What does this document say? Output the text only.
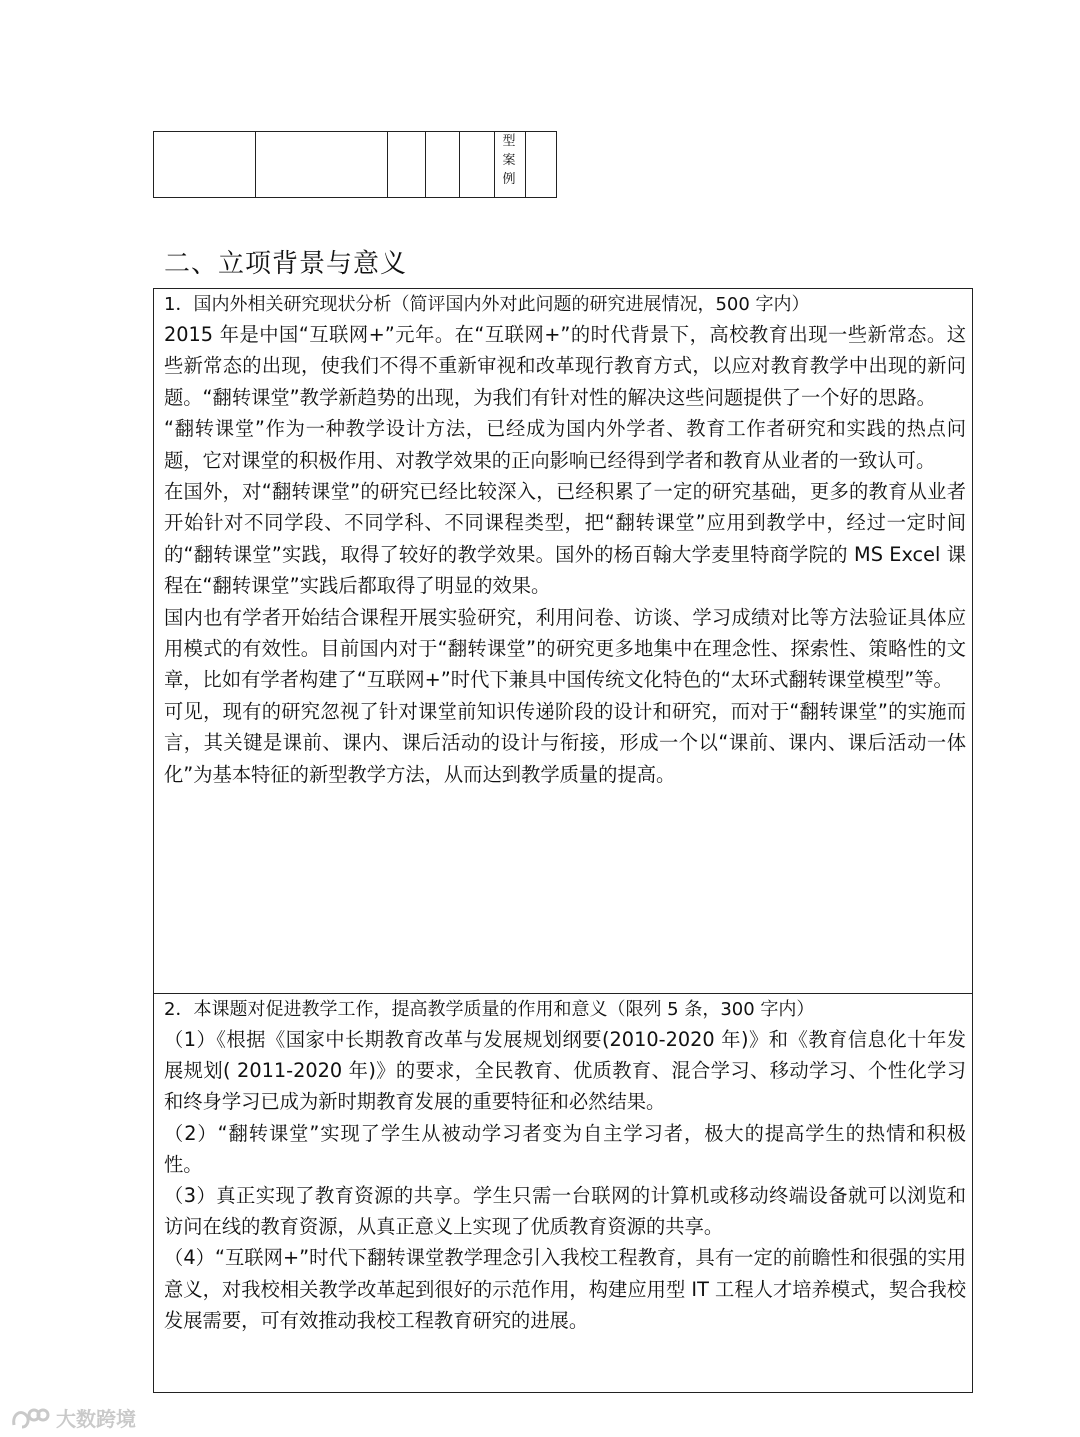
型
案
例
二、立项背景与意义
1．国内外相关研究现状分析（简评国内外对此问题的研究进展情况，500 字内）

2015 年是中国“互联网+”元年。在“互联网+”的时代背景下，高校教育出现一些新常态。这些新常态的出现，使我们不得不重新审视和改革现行教育方式，以应对教育教学中出现的新问题。“翻转课堂”教学新趋势的出现，为我们有针对性的解决这些问题提供了一个好的思路。

“翻转课堂”作为一种教学设计方法，已经成为国内外学者、教育工作者研究和实践的热点问题，它对课堂的积极作用、对教学效果的正向影响已经得到学者和教育从业者的一致认可。

在国外，对“翻转课堂”的研究已经比较深入，已经积累了一定的研究基础，更多的教育从业者开始针对不同学段、不同学科、不同课程类型，把“翻转课堂”应用到教学中，经过一定时间的“翻转课堂”实践，取得了较好的教学效果。国外的杨百翰大学麦里特商学院的 MS Excel 课程在“翻转课堂”实践后都取得了明显的效果。

国内也有学者开始结合课程开展实验研究，利用问卷、访谈、学习成绩对比等方法验证具体应用模式的有效性。目前国内对于“翻转课堂”的研究更多地集中在理念性、探索性、策略性的文章，比如有学者构建了“互联网+”时代下兼具中国传统文化特色的“太环式翻转课堂模型”等。

可见，现有的研究忽视了针对课堂前知识传递阶段的设计和研究，而对于“翻转课堂”的实施而言，其关键是课前、课内、课后活动的设计与衔接，形成一个以“课前、课内、课后活动一体化”为基本特征的新型教学方法，从而达到教学质量的提高。

2．本课题对促进教学工作，提高教学质量的作用和意义（限列 5 条，300 字内）

（1）《根据《国家中长期教育改革与发展规划纲要(2010-2020 年)》和《教育信息化十年发展规划( 2011-2020 年)》的要求，全民教育、优质教育、混合学习、移动学习、个性化学习和终身学习已成为新时期教育发展的重要特征和必然结果。

（2）“翻转课堂”实现了学生从被动学习者变为自主学习者，极大的提高学生的热情和积极性。

（3）真正实现了教育资源的共享。学生只需一台联网的计算机或移动终端设备就可以浏览和访问在线的教育资源，从真正意义上实现了优质教育资源的共享。

（4）“互联网+”时代下翻转课堂教学理念引入我校工程教育，具有一定的前瞻性和很强的实用意义，对我校相关教学改革起到很好的示范作用，构建应用型 IT 工程人才培养模式，契合我校发展需要，可有效推动我校工程教育研究的进展。

大数跨境
